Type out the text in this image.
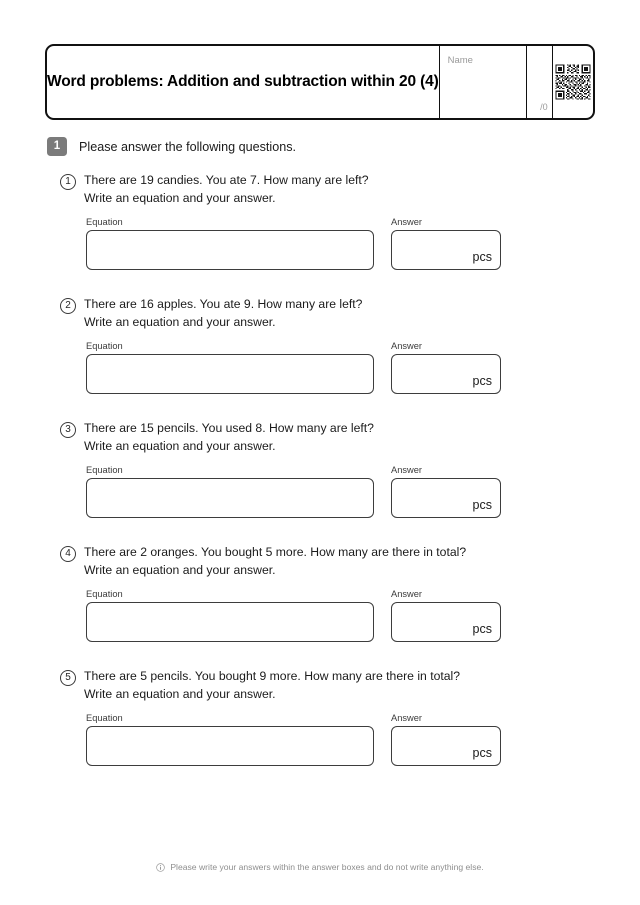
Word problems: Addition and subtraction within 20 (4)
Name
/0
1	Please answer the following questions.
1	There are 19 candies. You ate 7. How many are left?
Write an equation and your answer.
Equation	Answer
pcs
2	There are 16 apples. You ate 9. How many are left?
Write an equation and your answer.
Equation	Answer
pcs
3	There are 15 pencils. You used 8. How many are left?
Write an equation and your answer.
Equation	Answer
pcs
4	There are 2 oranges. You bought 5 more. How many are there in total?
Write an equation and your answer.
Equation	Answer
pcs
5	There are 5 pencils. You bought 9 more. How many are there in total?
Write an equation and your answer.
Equation	Answer
pcs
Please write your answers within the answer boxes and do not write anything else.
